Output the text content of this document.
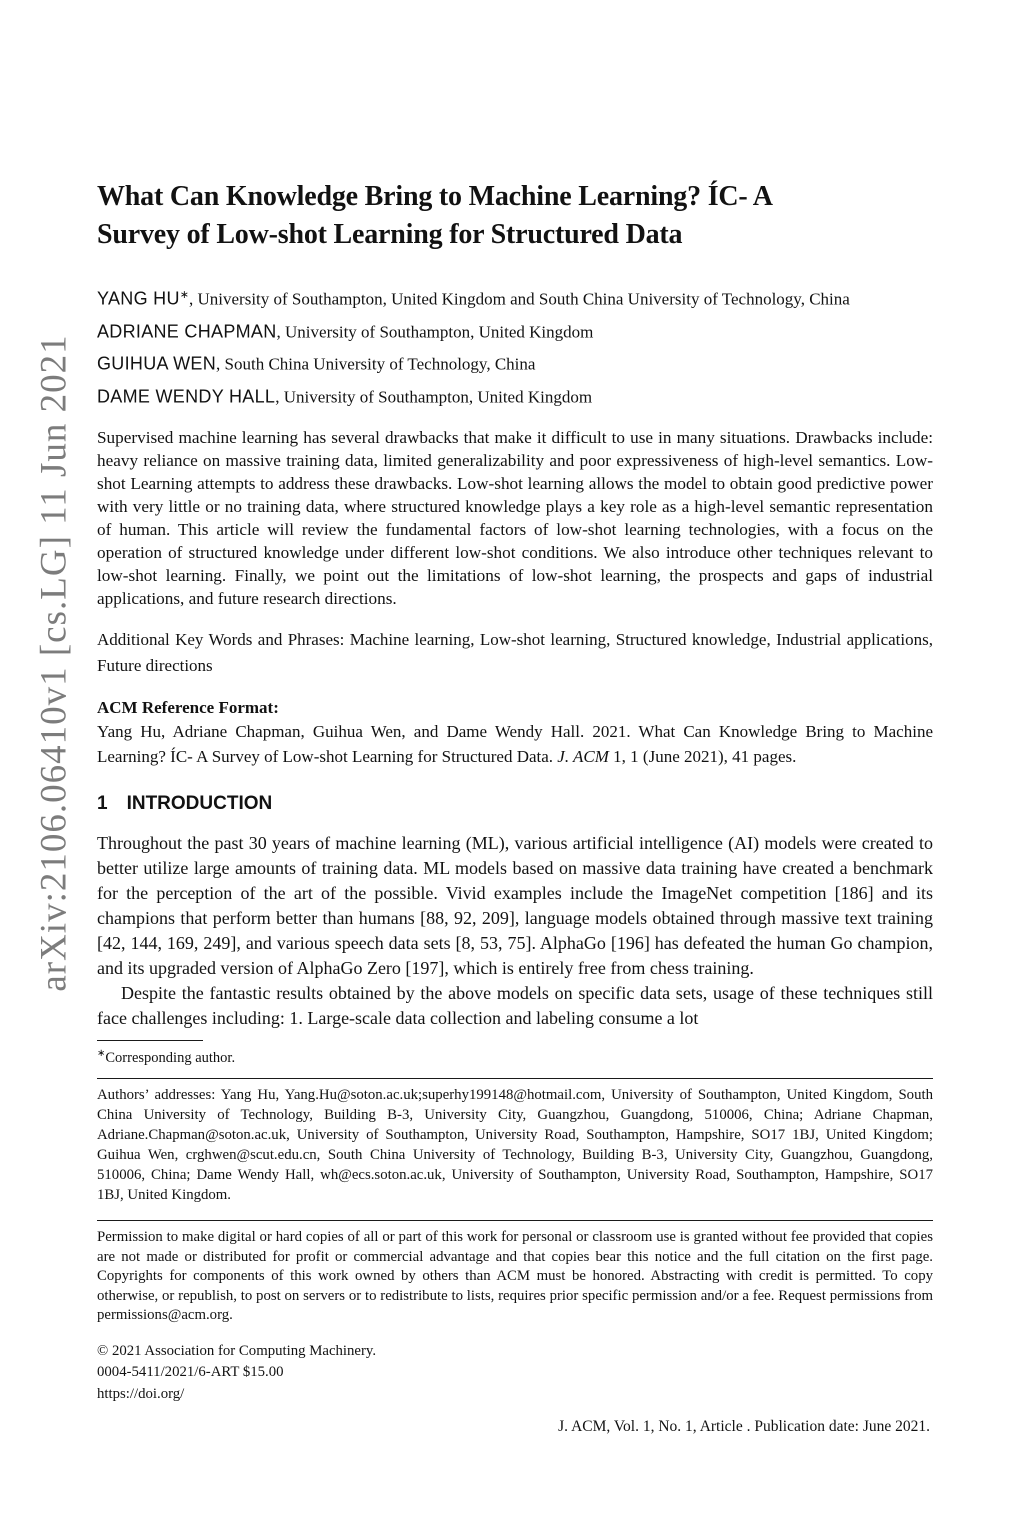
arXiv:2106.06410v1 [cs.LG] 11 Jun 2021
What Can Knowledge Bring to Machine Learning? ÍC- A
Survey of Low-shot Learning for Structured Data
YANG HU∗, University of Southampton, United Kingdom and South China University of Technology, China
ADRIANE CHAPMAN, University of Southampton, United Kingdom
GUIHUA WEN, South China University of Technology, China
DAME WENDY HALL, University of Southampton, United Kingdom

Supervised machine learning has several drawbacks that make it difficult to use in many situations. Drawbacks include: heavy reliance on massive training data, limited generalizability and poor expressiveness of high-level semantics. Low-shot Learning attempts to address these drawbacks. Low-shot learning allows the model to obtain good predictive power with very little or no training data, where structured knowledge plays a key role as a high-level semantic representation of human. This article will review the fundamental factors of low-shot learning technologies, with a focus on the operation of structured knowledge under different low-shot conditions. We also introduce other techniques relevant to low-shot learning. Finally, we point out the limitations of low-shot learning, the prospects and gaps of industrial applications, and future research directions.

Additional Key Words and Phrases: Machine learning, Low-shot learning, Structured knowledge, Industrial applications, Future directions

ACM Reference Format:
Yang Hu, Adriane Chapman, Guihua Wen, and Dame Wendy Hall. 2021. What Can Knowledge Bring to Machine Learning? ÍC- A Survey of Low-shot Learning for Structured Data. J. ACM 1, 1 (June 2021), 41 pages.
1 INTRODUCTION

Throughout the past 30 years of machine learning (ML), various artificial intelligence (AI) models were created to better utilize large amounts of training data. ML models based on massive data training have created a benchmark for the perception of the art of the possible. Vivid examples include the ImageNet competition [186] and its champions that perform better than humans [88, 92, 209], language models obtained through massive text training [42, 144, 169, 249], and various speech data sets [8, 53, 75]. AlphaGo [196] has defeated the human Go champion, and its upgraded version of AlphaGo Zero [197], which is entirely free from chess training.

Despite the fantastic results obtained by the above models on specific data sets, usage of these techniques still face challenges including: 1. Large-scale data collection and labeling consume a lot

∗Corresponding author.

Authors’ addresses: Yang Hu, Yang.Hu@soton.ac.uk;superhy199148@hotmail.com, University of Southampton, United Kingdom, South China University of Technology, Building B-3, University City, Guangzhou, Guangdong, 510006, China; Adriane Chapman, Adriane.Chapman@soton.ac.uk, University of Southampton, University Road, Southampton, Hampshire, SO17 1BJ, United Kingdom; Guihua Wen, crghwen@scut.edu.cn, South China University of Technology, Building B-3, University City, Guangzhou, Guangdong, 510006, China; Dame Wendy Hall, wh@ecs.soton.ac.uk, University of Southampton, University Road, Southampton, Hampshire, SO17 1BJ, United Kingdom.

Permission to make digital or hard copies of all or part of this work for personal or classroom use is granted without fee provided that copies are not made or distributed for profit or commercial advantage and that copies bear this notice and the full citation on the first page. Copyrights for components of this work owned by others than ACM must be honored. Abstracting with credit is permitted. To copy otherwise, or republish, to post on servers or to redistribute to lists, requires prior specific permission and/or a fee. Request permissions from permissions@acm.org.

© 2021 Association for Computing Machinery.
0004-5411/2021/6-ART $15.00
https://doi.org/
J. ACM, Vol. 1, No. 1, Article . Publication date: June 2021.
